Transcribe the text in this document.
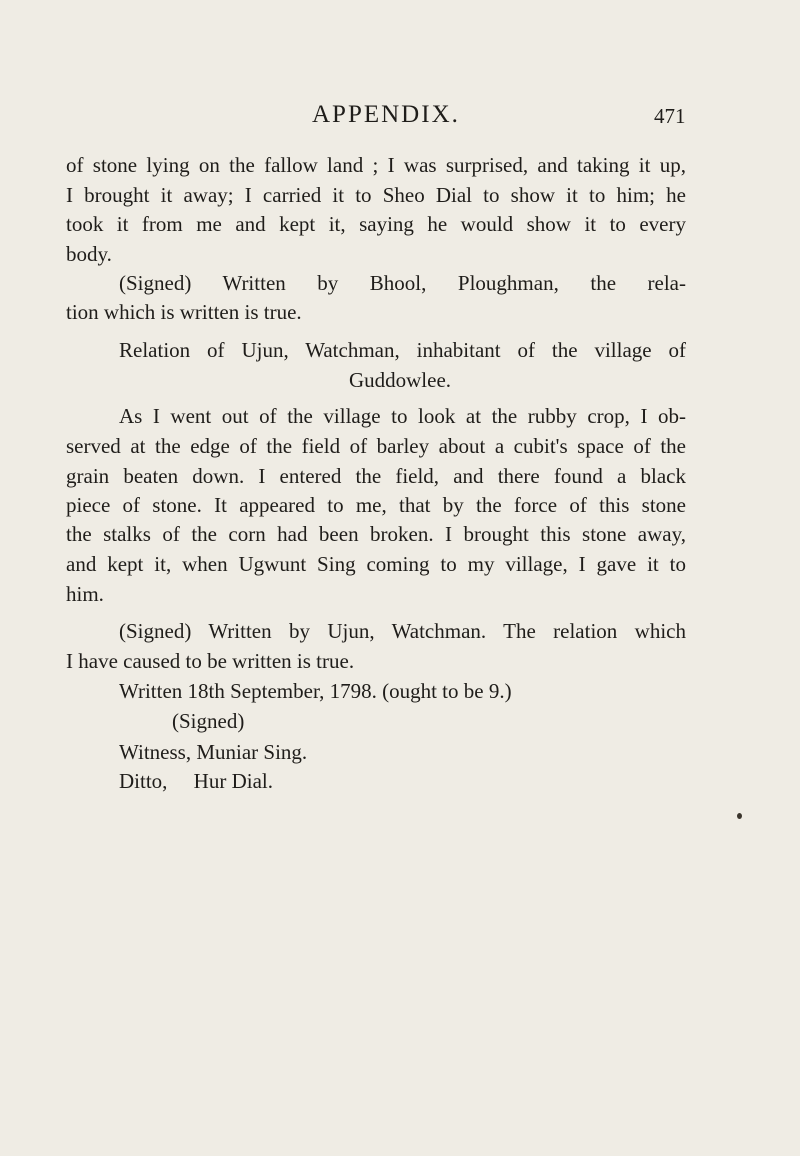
APPENDIX.	471
of stone lying on the fallow land ; I was surprised, and taking it up,
I brought it away; I carried it to Sheo Dial to show it to him; he
took it from me and kept it, saying he would show it to every
body.
(Signed) Written by Bhool, Ploughman, the rela-
tion which is written is true.
Relation of Ujun, Watchman, inhabitant of the village of
Guddowlee.
As I went out of the village to look at the rubby crop, I ob-
served at the edge of the field of barley about a cubit's space of the
grain beaten down. I entered the field, and there found a black
piece of stone. It appeared to me, that by the force of this stone
the stalks of the corn had been broken. I brought this stone away,
and kept it, when Ugwunt Sing coming to my village, I gave it to
him.
(Signed) Written by Ujun, Watchman. The relation which
I have caused to be written is true.
Written 18th September, 1798. (ought to be 9.)
(Signed)
Witness, Muniar Sing.
Ditto,     Hur Dial.
